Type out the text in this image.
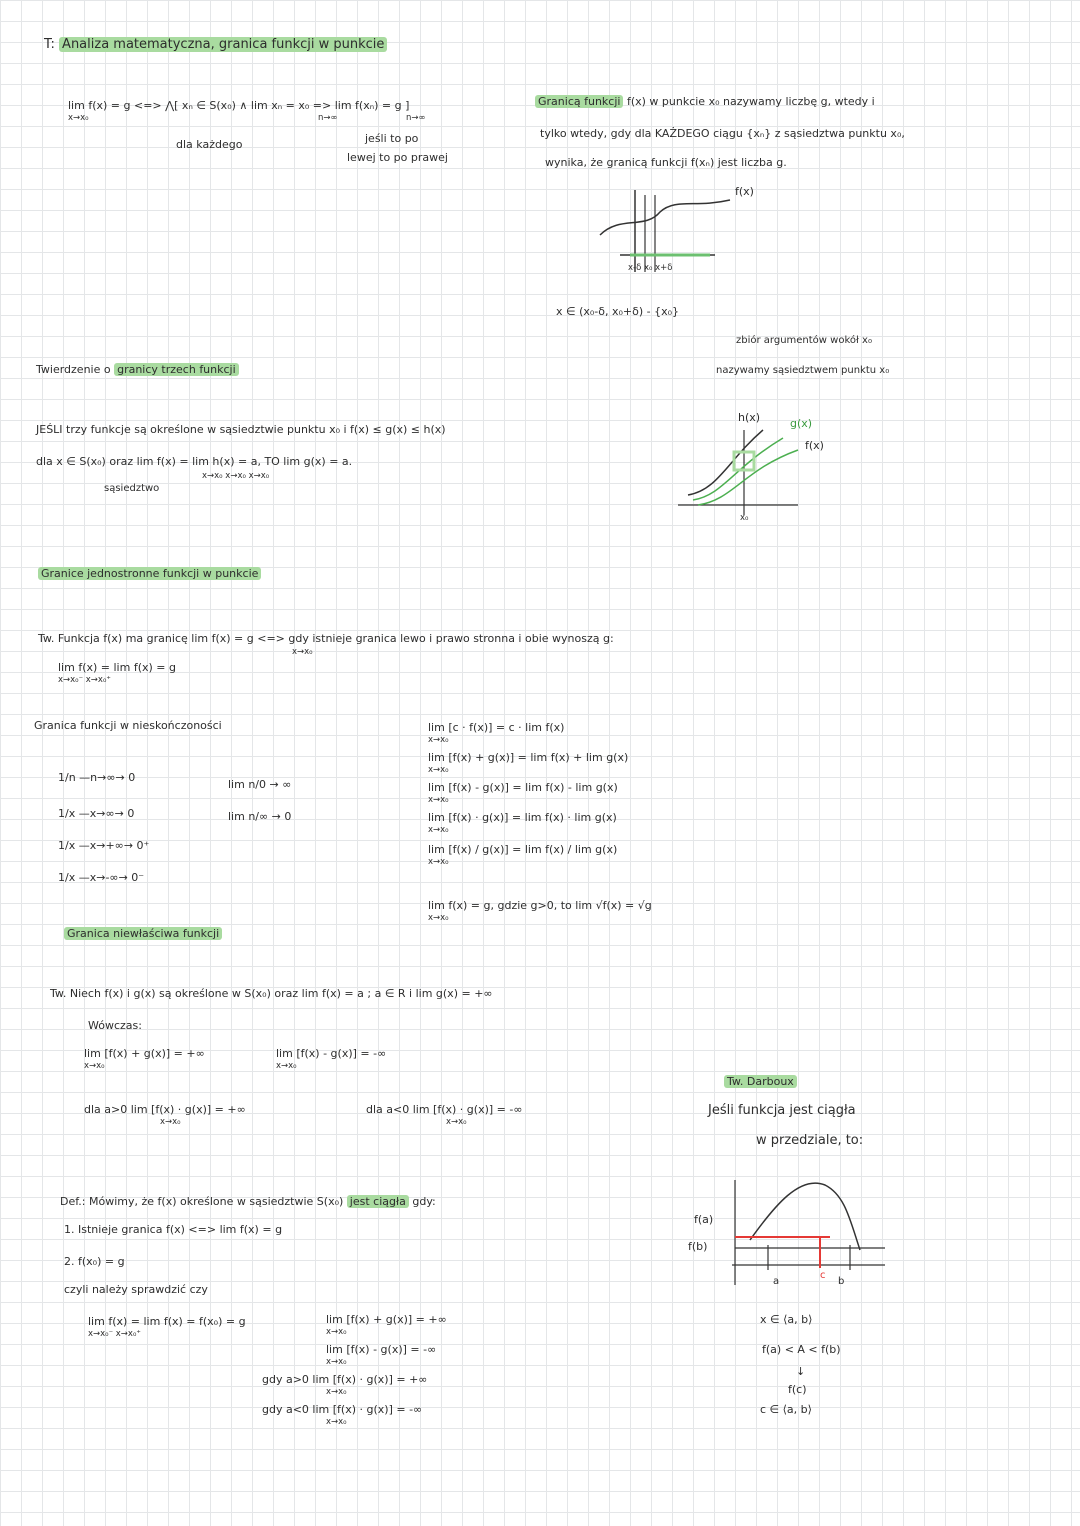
T: Analiza matematyczna, granica funkcji w punkcie
lim f(x) = g <=> ⋀[ xₙ ∈ S(x₀) ∧ lim xₙ = x₀ => lim f(xₙ) = g ]
x→x₀	n→∞	n→∞
dla każdego	jeśli to po
lewej to po prawej
Granicą funkcji f(x) w punkcie x₀ nazywamy liczbę g, wtedy i
tylko wtedy, gdy dla KAŻDEGO ciągu {xₙ} z sąsiedztwa punktu x₀,
wynika, że granicą funkcji f(xₙ) jest liczba g.
f(x)
x-δ x₀ x+δ
x ∈ (x₀-δ, x₀+δ) - {x₀}
zbiór argumentów wokół x₀
nazywamy sąsiedztwem punktu x₀
Twierdzenie o granicy trzech funkcji
JEŚLI trzy funkcje są określone w sąsiedztwie punktu x₀ i f(x) ≤ g(x) ≤ h(x)
dla x ∈ S(x₀) oraz lim f(x) = lim h(x) = a, TO lim g(x) = a.
x→x₀ x→x₀ x→x₀
sąsiedztwo
h(x)	g(x)
f(x)
x₀
Granice jednostronne funkcji w punkcie
Tw. Funkcja f(x) ma granicę lim f(x) = g <=> gdy istnieje granica lewo i prawo stronna i obie wynoszą g:
x→x₀
lim f(x) = lim f(x) = g
x→x₀⁻ x→x₀⁺
Granica funkcji w nieskończoności
1/n —n→∞→ 0
1/x —x→∞→ 0
1/x —x→+∞→ 0⁺
1/x —x→-∞→ 0⁻
lim n/0 → ∞
lim n/∞ → 0
lim [c · f(x)] = c · lim f(x)
x→x₀
lim [f(x) + g(x)] = lim f(x) + lim g(x)
x→x₀
lim [f(x) - g(x)] = lim f(x) - lim g(x)
x→x₀
lim [f(x) · g(x)] = lim f(x) · lim g(x)
x→x₀
lim [f(x) / g(x)] = lim f(x) / lim g(x)
x→x₀
lim f(x) = g, gdzie g>0, to lim √f(x) = √g
x→x₀
Granica niewłaściwa funkcji
Tw. Niech f(x) i g(x) są określone w S(x₀) oraz lim f(x) = a ; a ∈ R i lim g(x) = +∞
Wówczas:
lim [f(x) + g(x)] = +∞
x→x₀
lim [f(x) - g(x)] = -∞
x→x₀
dla a>0 lim [f(x) · g(x)] = +∞
x→x₀
dla a<0 lim [f(x) · g(x)] = -∞
x→x₀
Def.: Mówimy, że f(x) określone w sąsiedztwie S(x₀) jest ciągła gdy:
1. Istnieje granica f(x) <=> lim f(x) = g
2. f(x₀) = g
czyli należy sprawdzić czy
lim f(x) = lim f(x) = f(x₀) = g
x→x₀⁻ x→x₀⁺
lim [f(x) + g(x)] = +∞
x→x₀
lim [f(x) - g(x)] = -∞
x→x₀
gdy a>0 lim [f(x) · g(x)] = +∞
x→x₀
gdy a<0 lim [f(x) · g(x)] = -∞
x→x₀
Tw. Darboux
Jeśli funkcja jest ciągła
w przedziale, to:
f(a)
f(b)
a
c
b
x ∈ ⟨a, b⟩
f(a) < A < f(b)
↓
f(c)
c ∈ ⟨a, b⟩
